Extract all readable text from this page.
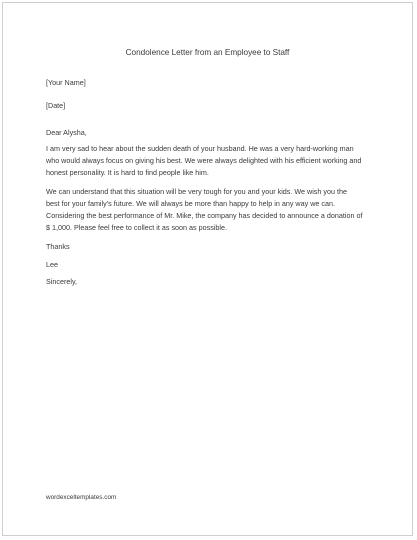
Condolence Letter from an Employee to Staff
[Your Name]
[Date]
Dear Alysha,
I am very sad to hear about the sudden death of your husband. He was a very hard-working man
who would always focus on giving his best. We were always delighted with his efficient working and
honest personality. It is hard to find people like him.
We can understand that this situation will be very tough for you and your kids. We wish you the
best for your family’s future. We will always be more than happy to help in any way we can.
Considering the best performance of Mr. Mike, the company has decided to announce a donation of
$ 1,000. Please feel free to collect it as soon as possible.
Thanks
Lee
Sincerely,
wordexceltemplates.com
